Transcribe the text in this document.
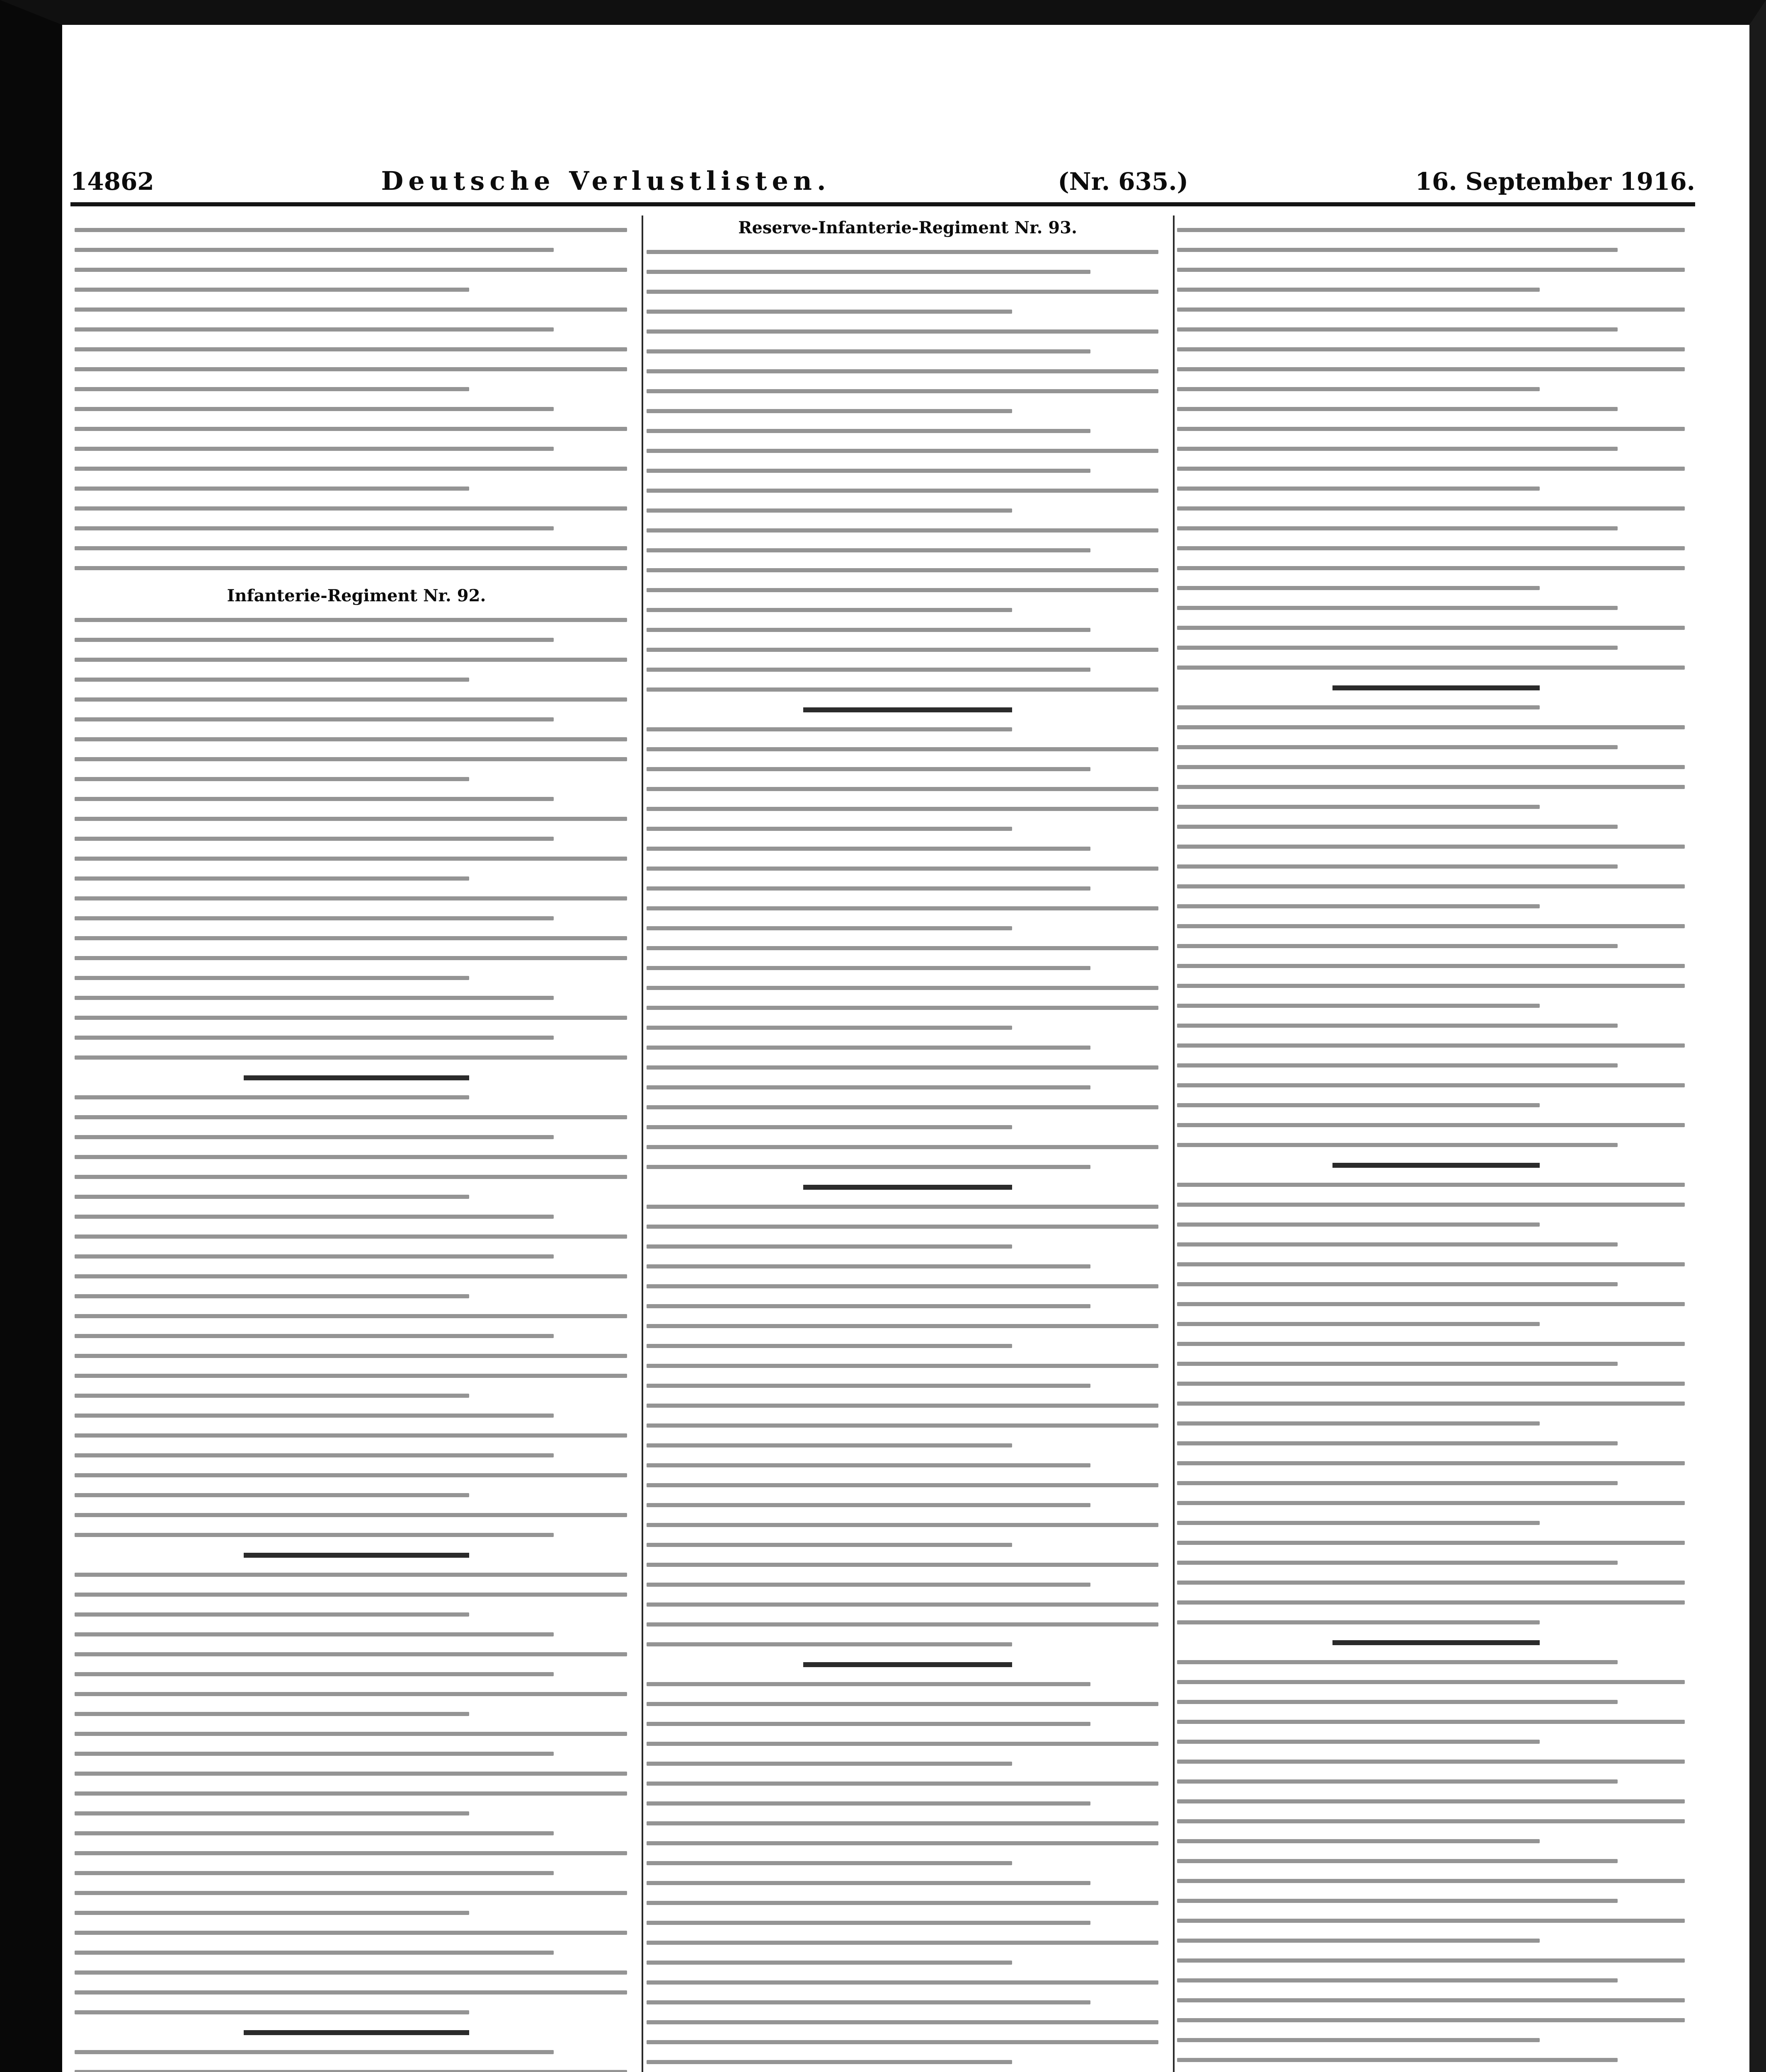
14862	Deutsche Verlustlisten.	(Nr. 635.)	16. September 1916.
Infanterie-Regiment Nr. 92.
Reserve-Infanterie-Regiment Nr. 93.
